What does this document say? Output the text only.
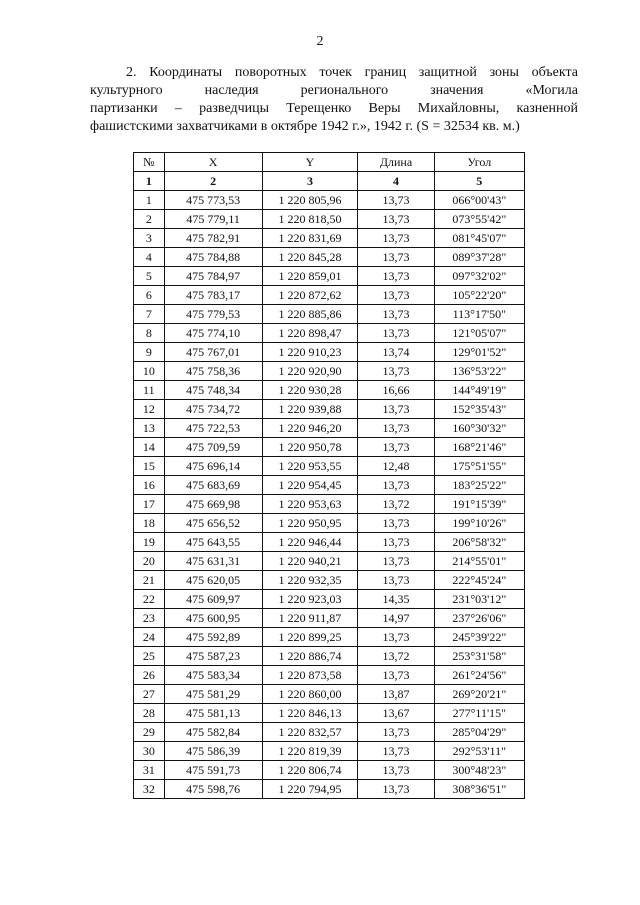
2
2. Координаты поворотных точек границ защитной зоны объекта
культурного наследия регионального значения «Могила
партизанки – разведчицы Терещенко Веры Михайловны, казненной
фашистскими захватчиками в октябре 1942 г.», 1942 г. (S = 32534 кв. м.)
№	X	Y	Длина	Угол
1	2	3	4	5
1	475 773,53	1 220 805,96	13,73	066°00'43"
2	475 779,11	1 220 818,50	13,73	073°55'42"
3	475 782,91	1 220 831,69	13,73	081°45'07"
4	475 784,88	1 220 845,28	13,73	089°37'28"
5	475 784,97	1 220 859,01	13,73	097°32'02"
6	475 783,17	1 220 872,62	13,73	105°22'20"
7	475 779,53	1 220 885,86	13,73	113°17'50"
8	475 774,10	1 220 898,47	13,73	121°05'07"
9	475 767,01	1 220 910,23	13,74	129°01'52"
10	475 758,36	1 220 920,90	13,73	136°53'22"
11	475 748,34	1 220 930,28	16,66	144°49'19"
12	475 734,72	1 220 939,88	13,73	152°35'43"
13	475 722,53	1 220 946,20	13,73	160°30'32"
14	475 709,59	1 220 950,78	13,73	168°21'46"
15	475 696,14	1 220 953,55	12,48	175°51'55"
16	475 683,69	1 220 954,45	13,73	183°25'22"
17	475 669,98	1 220 953,63	13,72	191°15'39"
18	475 656,52	1 220 950,95	13,73	199°10'26"
19	475 643,55	1 220 946,44	13,73	206°58'32"
20	475 631,31	1 220 940,21	13,73	214°55'01"
21	475 620,05	1 220 932,35	13,73	222°45'24"
22	475 609,97	1 220 923,03	14,35	231°03'12"
23	475 600,95	1 220 911,87	14,97	237°26'06"
24	475 592,89	1 220 899,25	13,73	245°39'22"
25	475 587,23	1 220 886,74	13,72	253°31'58"
26	475 583,34	1 220 873,58	13,73	261°24'56"
27	475 581,29	1 220 860,00	13,87	269°20'21"
28	475 581,13	1 220 846,13	13,67	277°11'15"
29	475 582,84	1 220 832,57	13,73	285°04'29"
30	475 586,39	1 220 819,39	13,73	292°53'11"
31	475 591,73	1 220 806,74	13,73	300°48'23"
32	475 598,76	1 220 794,95	13,73	308°36'51"
